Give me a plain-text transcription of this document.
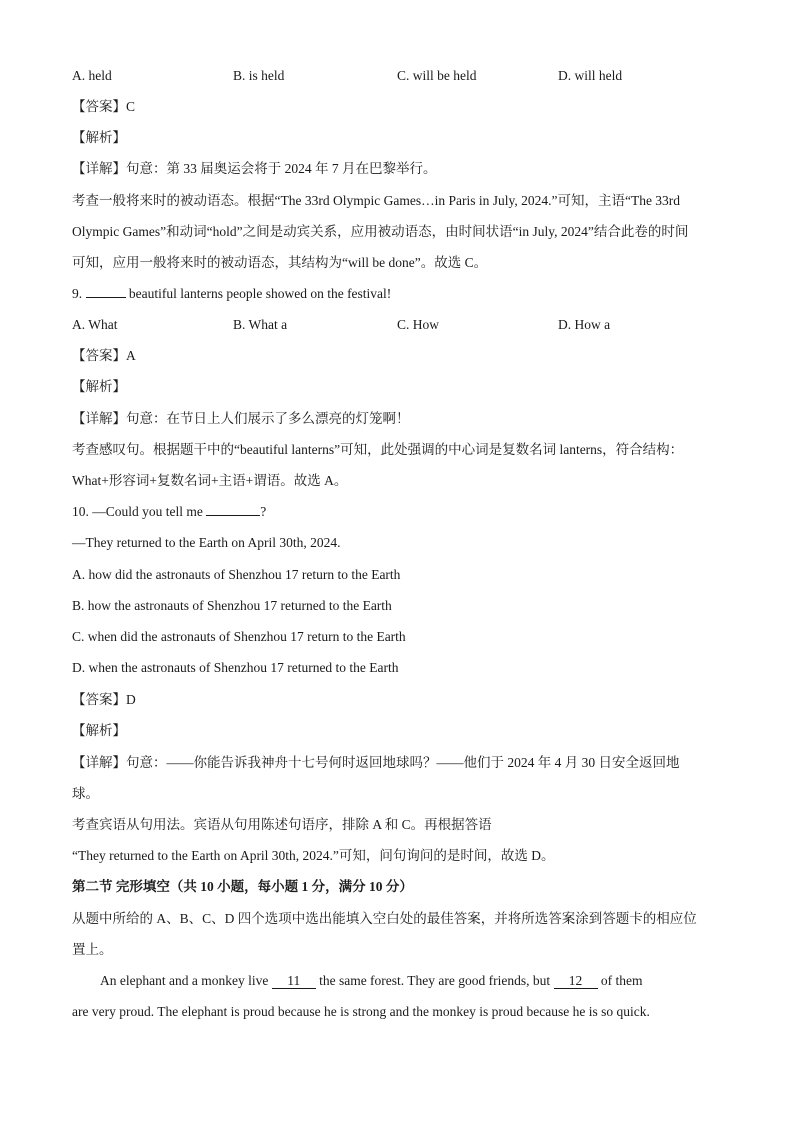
A. held	B. is held	C. will be held	D. will held
【答案】C
【解析】
【详解】句意：第 33 届奥运会将于 2024 年 7 月在巴黎举行。
考查一般将来时的被动语态。根据“The 33rd Olympic Games…in Paris in July, 2024.”可知，主语“The 33rd
Olympic Games”和动词“hold”之间是动宾关系，应用被动语态，由时间状语“in July, 2024”结合此卷的时间
可知，应用一般将来时的被动语态，其结构为“will be done”。故选 C。
9.	beautiful lanterns people showed on the festival!
A. What	B. What a	C. How	D. How a
【答案】A
【解析】
【详解】句意：在节日上人们展示了多么漂亮的灯笼啊！
考查感叹句。根据题干中的“beautiful lanterns”可知，此处强调的中心词是复数名词 lanterns，符合结构：
What+形容词+复数名词+主语+谓语。故选 A。
10. —Could you tell me	?
—They returned to the Earth on April 30th, 2024.
A. how did the astronauts of Shenzhou 17 return to the Earth
B. how the astronauts of Shenzhou 17 returned to the Earth
C. when did the astronauts of Shenzhou 17 return to the Earth
D. when the astronauts of Shenzhou 17 returned to the Earth
【答案】D
【解析】
【详解】句意：——你能告诉我神舟十七号何时返回地球吗？——他们于 2024 年 4 月 30 日安全返回地
球。
考查宾语从句用法。宾语从句用陈述句语序，排除 A 和 C。再根据答语
“They returned to the Earth on April 30th, 2024.”可知，问句询问的是时间，故选 D。
第二节 完形填空（共 10 小题，每小题 1 分，满分 10 分）
从题中所给的 A、B、C、D 四个选项中选出能填入空白处的最佳答案，并将所选答案涂到答题卡的相应位
置上。
An elephant and a monkey live 11 the same forest. They are good friends, but 12 of them
are very proud. The elephant is proud because he is strong and the monkey is proud because he is so quick.
